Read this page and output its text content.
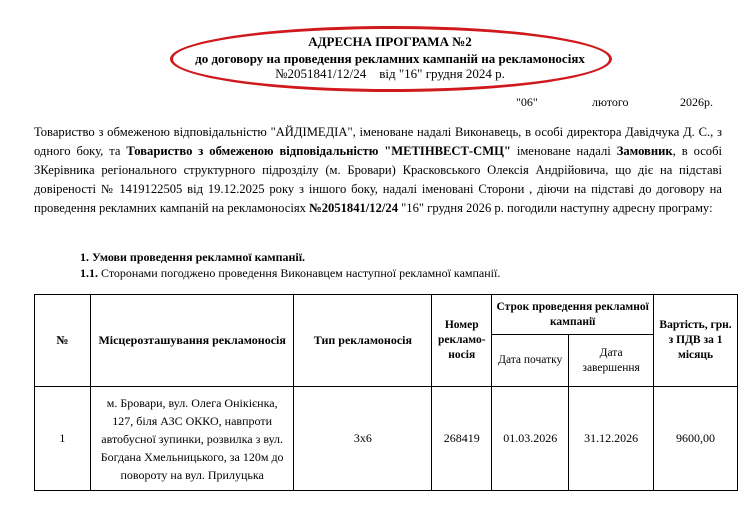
АДРЕСНА ПРОГРАМА №2
до договору на проведення рекламних кампаній на рекламоносіях
№2051841/12/24    від "16" грудня 2024 р.
"06"	лютого	2026р.
Товариство з обмеженою відповідальністю "АЙДІМЕДІА", іменоване надалі Виконавець, в особі директора Давідчука Д. С., з одного боку, та Товариство з обмеженою відповідальністю "МЕТІНВЕСТ-СМЦ" іменоване надалі Замовник, в особі ЗКерівника регіонального структурного підрозділу (м. Бровари) Красковського Олексія Андрійовича, що діє на підставі довіреності № 1419122505 від 19.12.2025 року з іншого боку, надалі іменовані Сторони , діючи на підставі до договору на проведення рекламних кампаній на рекламоносіях №2051841/12/24 "16" грудня 2026 р. погодили наступну адресну програму:
1. Умови проведення рекламної кампанії.
1.1. Сторонами погоджено проведення Виконавцем наступної рекламної кампанії.
№	Місцерозташування рекламоносія	Тип рекламоносія	Номер рекламо-носія	Строк проведення рекламної кампанії		Вартість, грн. з ПДВ за 1 місяць
				Дата початку	Дата завершення	
1	м. Бровари, вул. Олега Онікієнка, 127, біля АЗС ОККО, навпроти автобусної зупинки, розвилка з вул. Богдана Хмельницького, за 120м до повороту на вул. Прилуцька	3х6	268419	01.03.2026	31.12.2026	9600,00
